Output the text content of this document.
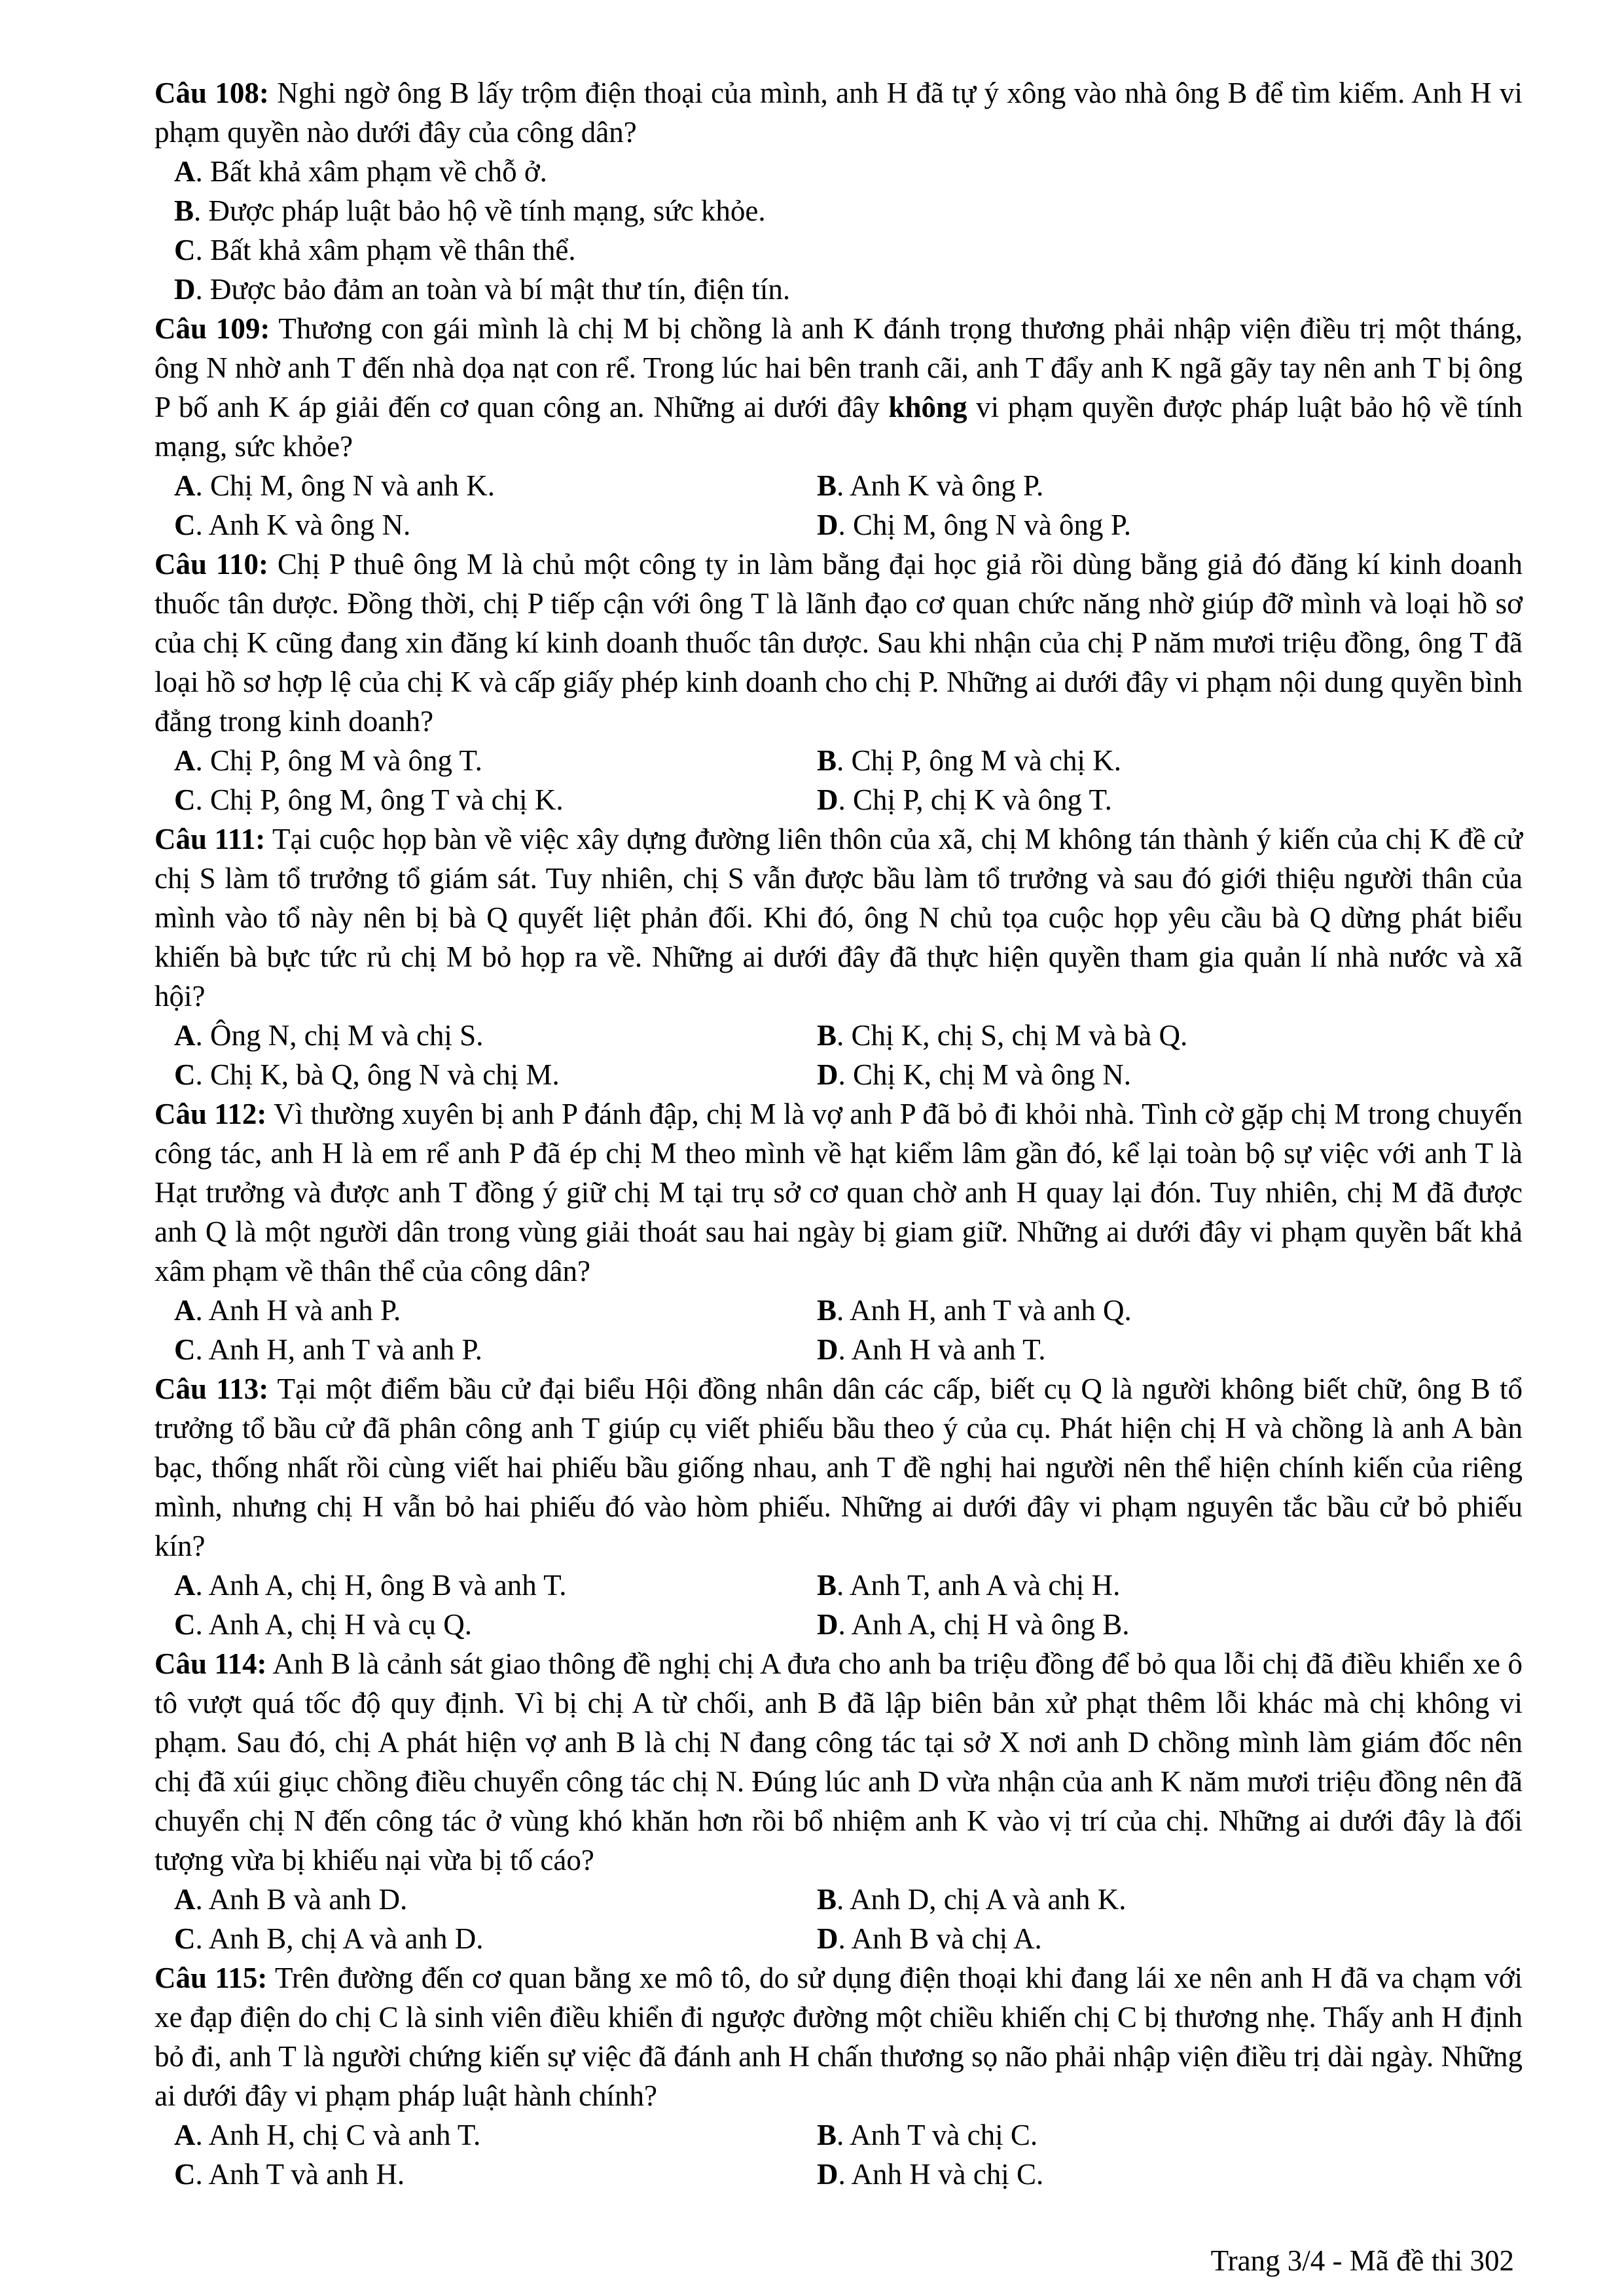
Câu 108: Nghi ngờ ông B lấy trộm điện thoại của mình, anh H đã tự ý xông vào nhà ông B để tìm kiếm. Anh H vi phạm quyền nào dưới đây của công dân?

A. Bất khả xâm phạm về chỗ ở.

B. Được pháp luật bảo hộ về tính mạng, sức khỏe.

C. Bất khả xâm phạm về thân thể.

D. Được bảo đảm an toàn và bí mật thư tín, điện tín.

Câu 109: Thương con gái mình là chị M bị chồng là anh K đánh trọng thương phải nhập viện điều trị một tháng, ông N nhờ anh T đến nhà dọa nạt con rể. Trong lúc hai bên tranh cãi, anh T đẩy anh K ngã gãy tay nên anh T bị ông P bố anh K áp giải đến cơ quan công an. Những ai dưới đây không vi phạm quyền được pháp luật bảo hộ về tính mạng, sức khỏe?

A. Chị M, ông N và anh K.	B. Anh K và ông P.

C. Anh K và ông N.	D. Chị M, ông N và ông P.

Câu 110: Chị P thuê ông M là chủ một công ty in làm bằng đại học giả rồi dùng bằng giả đó đăng kí kinh doanh thuốc tân dược. Đồng thời, chị P tiếp cận với ông T là lãnh đạo cơ quan chức năng nhờ giúp đỡ mình và loại hồ sơ của chị K cũng đang xin đăng kí kinh doanh thuốc tân dược. Sau khi nhận của chị P năm mươi triệu đồng, ông T đã loại hồ sơ hợp lệ của chị K và cấp giấy phép kinh doanh cho chị P. Những ai dưới đây vi phạm nội dung quyền bình đẳng trong kinh doanh?

A. Chị P, ông M và ông T.	B. Chị P, ông M và chị K.

C. Chị P, ông M, ông T và chị K.	D. Chị P, chị K và ông T.

Câu 111: Tại cuộc họp bàn về việc xây dựng đường liên thôn của xã, chị M không tán thành ý kiến của chị K đề cử chị S làm tổ trưởng tổ giám sát. Tuy nhiên, chị S vẫn được bầu làm tổ trưởng và sau đó giới thiệu người thân của mình vào tổ này nên bị bà Q quyết liệt phản đối. Khi đó, ông N chủ tọa cuộc họp yêu cầu bà Q dừng phát biểu khiến bà bực tức rủ chị M bỏ họp ra về. Những ai dưới đây đã thực hiện quyền tham gia quản lí nhà nước và xã hội?

A. Ông N, chị M và chị S.	B. Chị K, chị S, chị M và bà Q.

C. Chị K, bà Q, ông N và chị M.	D. Chị K, chị M và ông N.

Câu 112: Vì thường xuyên bị anh P đánh đập, chị M là vợ anh P đã bỏ đi khỏi nhà. Tình cờ gặp chị M trong chuyến công tác, anh H là em rể anh P đã ép chị M theo mình về hạt kiểm lâm gần đó, kể lại toàn bộ sự việc với anh T là Hạt trưởng và được anh T đồng ý giữ chị M tại trụ sở cơ quan chờ anh H quay lại đón. Tuy nhiên, chị M đã được anh Q là một người dân trong vùng giải thoát sau hai ngày bị giam giữ. Những ai dưới đây vi phạm quyền bất khả xâm phạm về thân thể của công dân?

A. Anh H và anh P.	B. Anh H, anh T và anh Q.

C. Anh H, anh T và anh P.	D. Anh H và anh T.

Câu 113: Tại một điểm bầu cử đại biểu Hội đồng nhân dân các cấp, biết cụ Q là người không biết chữ, ông B tổ trưởng tổ bầu cử đã phân công anh T giúp cụ viết phiếu bầu theo ý của cụ. Phát hiện chị H và chồng là anh A bàn bạc, thống nhất rồi cùng viết hai phiếu bầu giống nhau, anh T đề nghị hai người nên thể hiện chính kiến của riêng mình, nhưng chị H vẫn bỏ hai phiếu đó vào hòm phiếu. Những ai dưới đây vi phạm nguyên tắc bầu cử bỏ phiếu kín?

A. Anh A, chị H, ông B và anh T.	B. Anh T, anh A và chị H.

C. Anh A, chị H và cụ Q.	D. Anh A, chị H và ông B.

Câu 114: Anh B là cảnh sát giao thông đề nghị chị A đưa cho anh ba triệu đồng để bỏ qua lỗi chị đã điều khiển xe ô tô vượt quá tốc độ quy định. Vì bị chị A từ chối, anh B đã lập biên bản xử phạt thêm lỗi khác mà chị không vi phạm. Sau đó, chị A phát hiện vợ anh B là chị N đang công tác tại sở X nơi anh D chồng mình làm giám đốc nên chị đã xúi giục chồng điều chuyển công tác chị N. Đúng lúc anh D vừa nhận của anh K năm mươi triệu đồng nên đã chuyển chị N đến công tác ở vùng khó khăn hơn rồi bổ nhiệm anh K vào vị trí của chị. Những ai dưới đây là đối tượng vừa bị khiếu nại vừa bị tố cáo?

A. Anh B và anh D.	B. Anh D, chị A và anh K.

C. Anh B, chị A và anh D.	D. Anh B và chị A.

Câu 115: Trên đường đến cơ quan bằng xe mô tô, do sử dụng điện thoại khi đang lái xe nên anh H đã va chạm với xe đạp điện do chị C là sinh viên điều khiển đi ngược đường một chiều khiến chị C bị thương nhẹ. Thấy anh H định bỏ đi, anh T là người chứng kiến sự việc đã đánh anh H chấn thương sọ não phải nhập viện điều trị dài ngày. Những ai dưới đây vi phạm pháp luật hành chính?

A. Anh H, chị C và anh T.	B. Anh T và chị C.

C. Anh T và anh H.	D. Anh H và chị C.

Trang 3/4 - Mã đề thi 302
